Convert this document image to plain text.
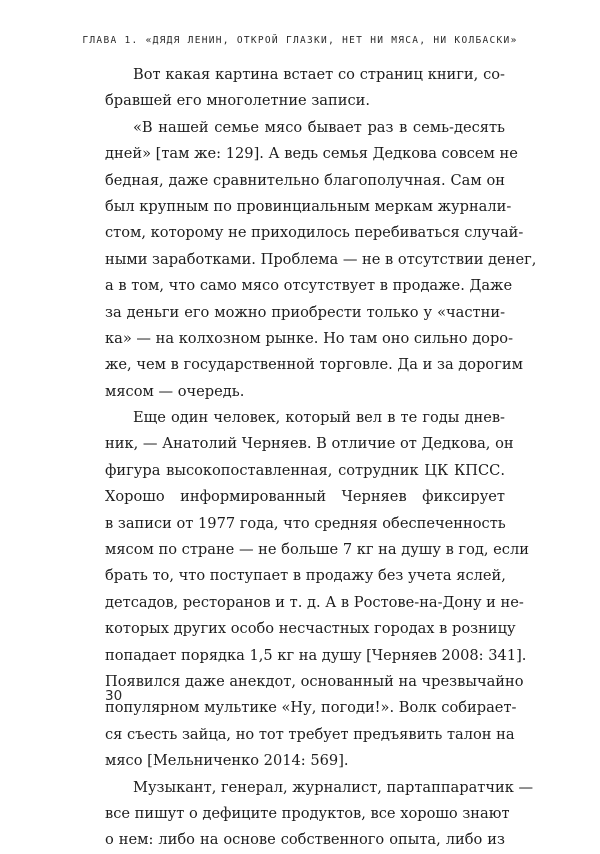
ГЛАВА 1. «ДЯДЯ ЛЕНИН, ОТКРОЙ ГЛАЗКИ, НЕТ НИ МЯСА, НИ КОЛБАСКИ»
Вот какая картина встает со страниц книги, со-
бравшей его многолетние записи.
«В нашей семье мясо бывает раз в семь-десять
дней» [там же: 129]. А ведь семья Дедкова совсем не
бедная, даже сравнительно благополучная. Сам он
был крупным по провинциальным меркам журнали-
стом, которому не приходилось перебиваться случай-
ными заработками. Проблема — не в отсутствии денег,
а в том, что само мясо отсутствует в продаже. Даже
за деньги его можно приобрести только у «частни-
ка» — на колхозном рынке. Но там оно сильно доро-
же, чем в государственной торговле. Да и за дорогим
мясом — очередь.
Еще один человек, который вел в те годы днев-
ник, — Анатолий Черняев. В отличие от Дедкова, он
фигура высокопоставленная, сотрудник ЦК КПСС.
Хорошо информированный Черняев фиксирует
в записи от 1977 года, что средняя обеспеченность
мясом по стране — не больше 7 кг на душу в год, если
брать то, что поступает в продажу без учета яслей,
детсадов, ресторанов и т. д. А в Ростове-на-Дону и не-
которых других особо несчастных городах в розницу
попадает порядка 1,5 кг на душу [Черняев 2008: 341].
Появился даже анекдот, основанный на чрезвычайно
популярном мультике «Ну, погоди!». Волк собирает-
ся съесть зайца, но тот требует предъявить талон на
мясо [Мельниченко 2014: 569].
Музыкант, генерал, журналист, партаппаратчик —
все пишут о дефиците продуктов, все хорошо знают
о нем: либо на основе собственного опыта, либо из
30
